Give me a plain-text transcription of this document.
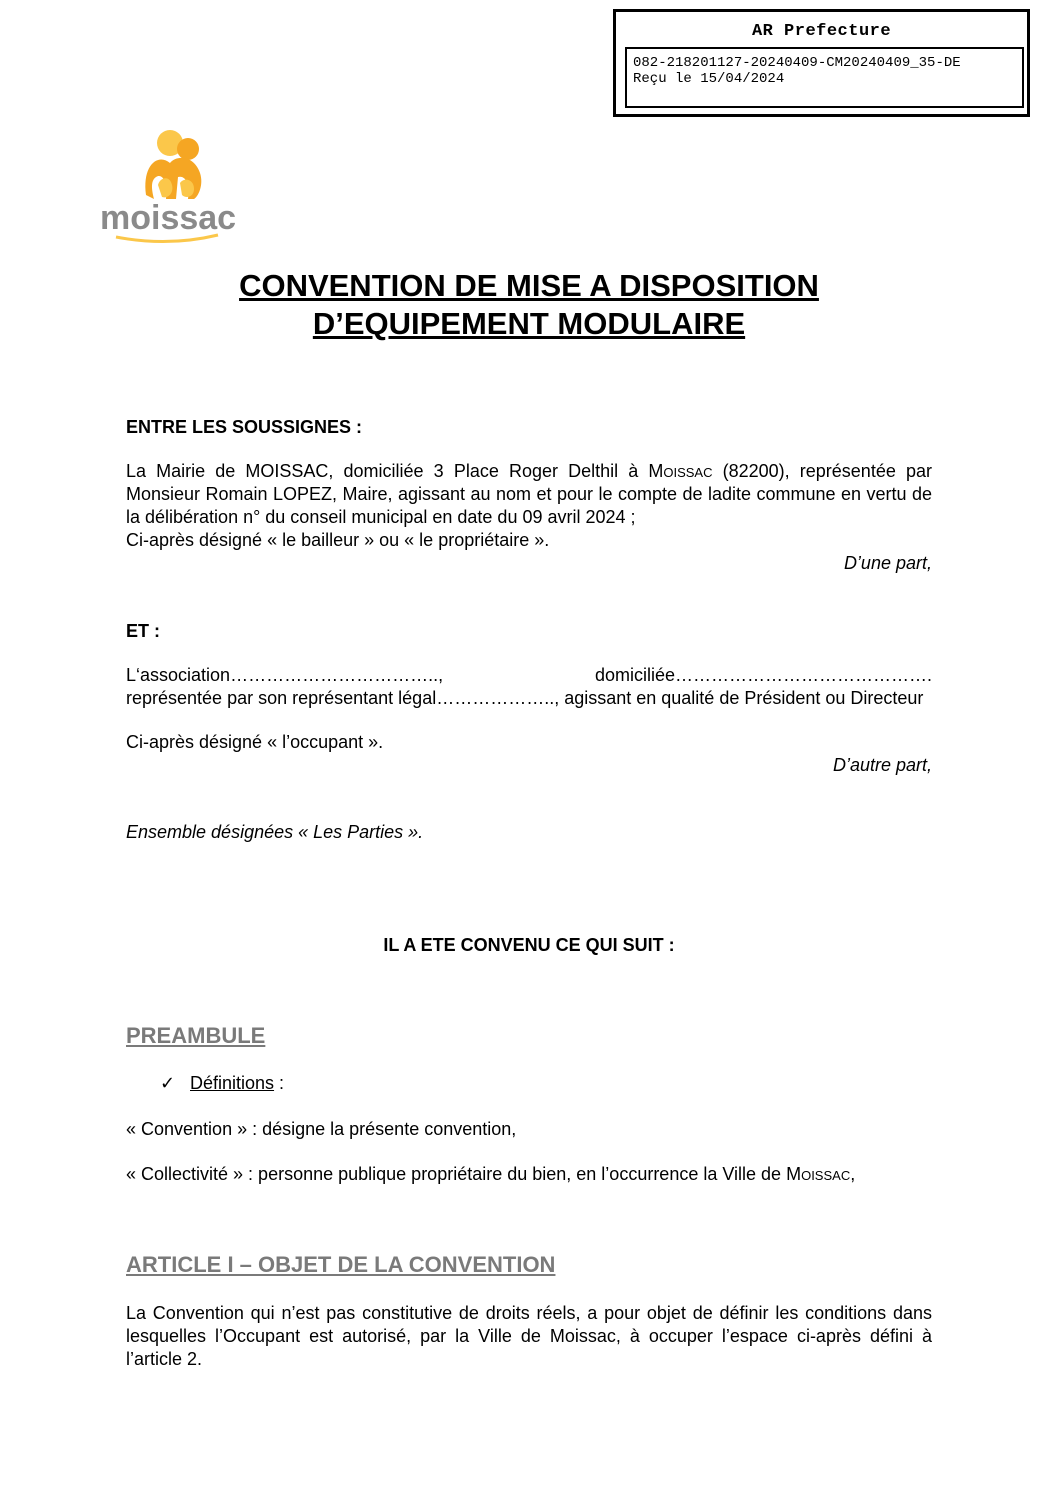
AR Prefecture
082-218201127-20240409-CM20240409_35-DE
Reçu le 15/04/2024
moissac
CONVENTION DE MISE A DISPOSITION
D’EQUIPEMENT MODULAIRE
ENTRE LES SOUSSIGNES :
La Mairie de MOISSAC, domiciliée 3 Place Roger Delthil à Moissac (82200), représentée par Monsieur Romain LOPEZ, Maire, agissant au nom et pour le compte de ladite commune en vertu de la délibération n° du conseil municipal en date du 09 avril 2024 ;
Ci-après désigné « le bailleur » ou « le propriétaire ».
D’une part,
ET :
L‘association……………………………..,	domiciliée…………………………………….
représentée par son représentant légal……………….., agissant en qualité de Président ou Directeur
Ci-après désigné « l’occupant ».
D’autre part,
Ensemble désignées « Les Parties ».
IL A ETE CONVENU CE QUI SUIT :
PREAMBULE
✓ Définitions :
« Convention » : désigne la présente convention,
« Collectivité » : personne publique propriétaire du bien, en l’occurrence la Ville de Moissac,
ARTICLE I – OBJET DE LA CONVENTION
La Convention qui n’est pas constitutive de droits réels, a pour objet de définir les conditions dans lesquelles l’Occupant est autorisé, par la Ville de Moissac, à occuper l’espace ci-après défini à l’article 2.
